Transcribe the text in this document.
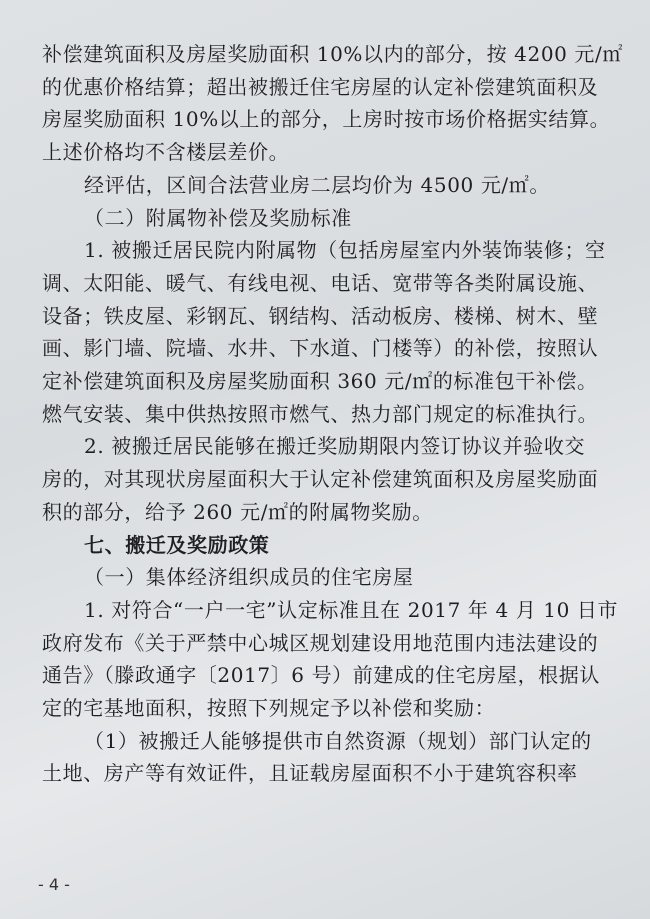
补偿建筑面积及房屋奖励面积 10%以内的部分，按 4200 元/㎡
的优惠价格结算；超出被搬迁住宅房屋的认定补偿建筑面积及
房屋奖励面积 10%以上的部分，上房时按市场价格据实结算。
上述价格均不含楼层差价。
经评估，区间合法营业房二层均价为 4500 元/㎡。
（二）附属物补偿及奖励标准
1. 被搬迁居民院内附属物（包括房屋室内外装饰装修；空
调、太阳能、暖气、有线电视、电话、宽带等各类附属设施、
设备；铁皮屋、彩钢瓦、钢结构、活动板房、楼梯、树木、壁
画、影门墙、院墙、水井、下水道、门楼等）的补偿，按照认
定补偿建筑面积及房屋奖励面积 360 元/㎡的标准包干补偿。
燃气安装、集中供热按照市燃气、热力部门规定的标准执行。
2. 被搬迁居民能够在搬迁奖励期限内签订协议并验收交
房的，对其现状房屋面积大于认定补偿建筑面积及房屋奖励面
积的部分，给予 260 元/㎡的附属物奖励。
七、搬迁及奖励政策
（一）集体经济组织成员的住宅房屋
1. 对符合“一户一宅”认定标准且在 2017 年 4 月 10 日市
政府发布《关于严禁中心城区规划建设用地范围内违法建设的
通告》（滕政通字〔2017〕6 号）前建成的住宅房屋，根据认
定的宅基地面积，按照下列规定予以补偿和奖励：
（1）被搬迁人能够提供市自然资源（规划）部门认定的
土地、房产等有效证件，且证载房屋面积不小于建筑容积率
- 4 -
